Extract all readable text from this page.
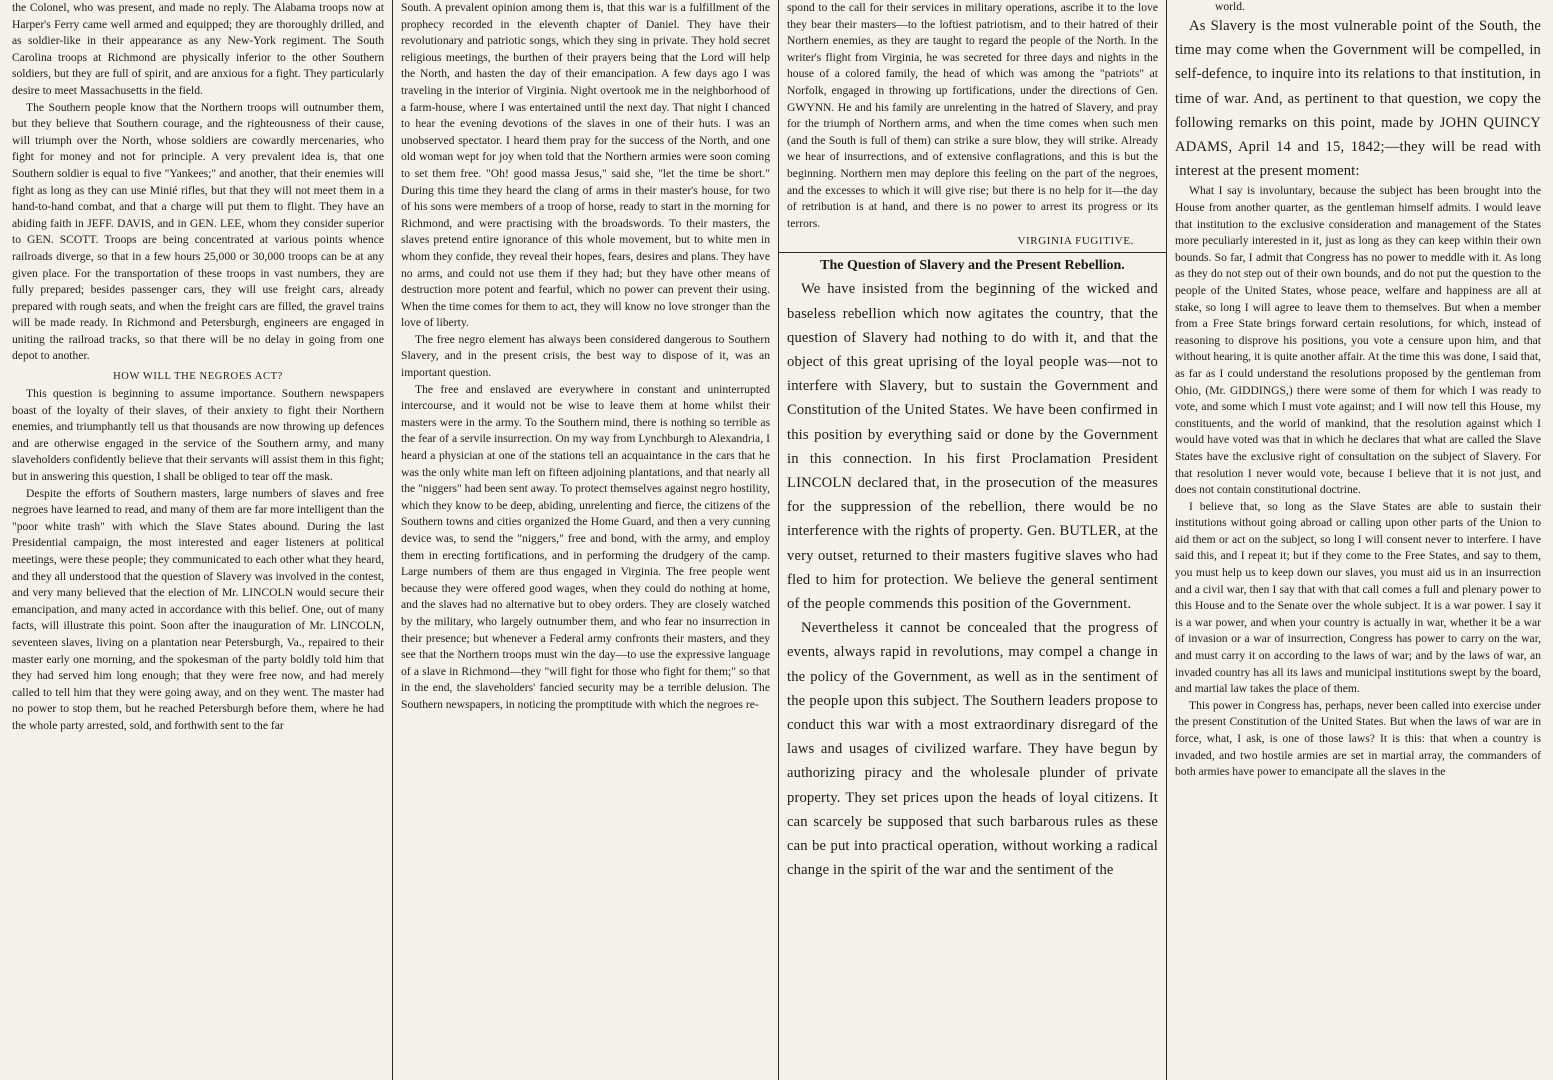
the Colonel, who was present, and made no reply. The Alabama troops now at Harper's Ferry came well armed and equipped; they are thoroughly drilled, and as soldier-like in their appearance as any New-York regiment. The South Carolina troops at Richmond are physically inferior to the other Southern soldiers, but they are full of spirit, and are anxious for a fight. They particularly desire to meet Massachusetts in the field.

The Southern people know that the Northern troops will outnumber them, but they believe that Southern courage, and the righteousness of their cause, will triumph over the North, whose soldiers are cowardly mercenaries, who fight for money and not for principle. A very prevalent idea is, that one Southern soldier is equal to five "Yankees;" and another, that their enemies will fight as long as they can use Minié rifles, but that they will not meet them in a hand-to-hand combat, and that a charge will put them to flight. They have an abiding faith in JEFF. DAVIS, and in GEN. LEE, whom they consider superior to GEN. SCOTT. Troops are being concentrated at various points whence railroads diverge, so that in a few hours 25,000 or 30,000 troops can be at any given place. For the transportation of these troops in vast numbers, they are fully prepared; besides passenger cars, they will use freight cars, already prepared with rough seats, and when the freight cars are filled, the gravel trains will be made ready. In Richmond and Petersburgh, engineers are engaged in uniting the railroad tracks, so that there will be no delay in going from one depot to another.

HOW WILL THE NEGROES ACT?

This question is beginning to assume importance. Southern newspapers boast of the loyalty of their slaves, of their anxiety to fight their Northern enemies, and triumphantly tell us that thousands are now throwing up defences and are otherwise engaged in the service of the Southern army, and many slaveholders confidently believe that their servants will assist them in this fight; but in answering this question, I shall be obliged to tear off the mask.

Despite the efforts of Southern masters, large numbers of slaves and free negroes have learned to read, and many of them are far more intelligent than the "poor white trash" with which the Slave States abound. During the last Presidential campaign, the most interested and eager listeners at political meetings, were these people; they communicated to each other what they heard, and they all understood that the question of Slavery was involved in the contest, and very many believed that the election of Mr. LINCOLN would secure their emancipation, and many acted in accordance with this belief. One, out of many facts, will illustrate this point. Soon after the inauguration of Mr. LINCOLN, seventeen slaves, living on a plantation near Petersburgh, Va., repaired to their master early one morning, and the spokesman of the party boldly told him that they had served him long enough; that they were free now, and had merely called to tell him that they were going away, and on they went. The master had no power to stop them, but he reached Petersburgh before them, where he had the whole party arrested, sold, and forthwith sent to the far

South. A prevalent opinion among them is, that this war is a fulfillment of the prophecy recorded in the eleventh chapter of Daniel. They have their revolutionary and patriotic songs, which they sing in private. They hold secret religious meetings, the burthen of their prayers being that the Lord will help the North, and hasten the day of their emancipation. A few days ago I was traveling in the interior of Virginia. Night overtook me in the neighborhood of a farm-house, where I was entertained until the next day. That night I chanced to hear the evening devotions of the slaves in one of their huts. I was an unobserved spectator. I heard them pray for the success of the North, and one old woman wept for joy when told that the Northern armies were soon coming to set them free. "Oh! good massa Jesus," said she, "let the time be short." During this time they heard the clang of arms in their master's house, for two of his sons were members of a troop of horse, ready to start in the morning for Richmond, and were practising with the broadswords. To their masters, the slaves pretend entire ignorance of this whole movement, but to white men in whom they confide, they reveal their hopes, fears, desires and plans. They have no arms, and could not use them if they had; but they have other means of destruction more potent and fearful, which no power can prevent their using. When the time comes for them to act, they will know no love stronger than the love of liberty.

The free negro element has always been considered dangerous to Southern Slavery, and in the present crisis, the best way to dispose of it, was an important question.

The free and enslaved are everywhere in constant and uninterrupted intercourse, and it would not be wise to leave them at home whilst their masters were in the army. To the Southern mind, there is nothing so terrible as the fear of a servile insurrection. On my way from Lynchburgh to Alexandria, I heard a physician at one of the stations tell an acquaintance in the cars that he was the only white man left on fifteen adjoining plantations, and that nearly all the "niggers" had been sent away. To protect themselves against negro hostility, which they know to be deep, abiding, unrelenting and fierce, the citizens of the Southern towns and cities organized the Home Guard, and then a very cunning device was, to send the "niggers," free and bond, with the army, and employ them in erecting fortifications, and in performing the drudgery of the camp. Large numbers of them are thus engaged in Virginia. The free people went because they were offered good wages, when they could do nothing at home, and the slaves had no alternative but to obey orders. They are closely watched by the military, who largely outnumber them, and who fear no insurrection in their presence; but whenever a Federal army confronts their masters, and they see that the Northern troops must win the day—to use the expressive language of a slave in Richmond—they "will fight for those who fight for them;" so that in the end, the slaveholders' fancied security may be a terrible delusion. The Southern newspapers, in noticing the promptitude with which the negroes re-

spond to the call for their services in military operations, ascribe it to the love they bear their masters—to the loftiest patriotism, and to their hatred of their Northern enemies, as they are taught to regard the people of the North. In the writer's flight from Virginia, he was secreted for three days and nights in the house of a colored family, the head of which was among the "patriots" at Norfolk, engaged in throwing up fortifications, under the directions of Gen. GWYNN. He and his family are unrelenting in the hatred of Slavery, and pray for the triumph of Northern arms, and when the time comes when such men (and the South is full of them) can strike a sure blow, they will strike. Already we hear of insurrections, and of extensive conflagrations, and this is but the beginning. Northern men may deplore this feeling on the part of the negroes, and the excesses to which it will give rise; but there is no help for it—the day of retribution is at hand, and there is no power to arrest its progress or its terrors.

VIRGINIA FUGITIVE.

The Question of Slavery and the Present Rebellion.

We have insisted from the beginning of the wicked and baseless rebellion which now agitates the country, that the question of Slavery had nothing to do with it, and that the object of this great uprising of the loyal people was—not to interfere with Slavery, but to sustain the Government and Constitution of the United States. We have been confirmed in this position by everything said or done by the Government in this connection. In his first Proclamation President LINCOLN declared that, in the prosecution of the measures for the suppression of the rebellion, there would be no interference with the rights of property. Gen. BUTLER, at the very outset, returned to their masters fugitive slaves who had fled to him for protection. We believe the general sentiment of the people commends this position of the Government.

Nevertheless it cannot be concealed that the progress of events, always rapid in revolutions, may compel a change in the policy of the Government, as well as in the sentiment of the people upon this subject. The Southern leaders propose to conduct this war with a most extraordinary disregard of the laws and usages of civilized warfare. They have begun by authorizing piracy and the wholesale plunder of private property. They set prices upon the heads of loyal citizens. It can scarcely be supposed that such barbarous rules as these can be put into practical operation, without working a radical change in the spirit of the war and the sentiment of the

world.

As Slavery is the most vulnerable point of the South, the time may come when the Government will be compelled, in self-defence, to inquire into its relations to that institution, in time of war. And, as pertinent to that question, we copy the following remarks on this point, made by JOHN QUINCY ADAMS, April 14 and 15, 1842;—they will be read with interest at the present moment:

What I say is involuntary, because the subject has been brought into the House from another quarter, as the gentleman himself admits. I would leave that institution to the exclusive consideration and management of the States more peculiarly interested in it, just as long as they can keep within their own bounds. So far, I admit that Congress has no power to meddle with it. As long as they do not step out of their own bounds, and do not put the question to the people of the United States, whose peace, welfare and happiness are all at stake, so long I will agree to leave them to themselves. But when a member from a Free State brings forward certain resolutions, for which, instead of reasoning to disprove his positions, you vote a censure upon him, and that without hearing, it is quite another affair. At the time this was done, I said that, as far as I could understand the resolutions proposed by the gentleman from Ohio, (Mr. GIDDINGS,) there were some of them for which I was ready to vote, and some which I must vote against; and I will now tell this House, my constituents, and the world of mankind, that the resolution against which I would have voted was that in which he declares that what are called the Slave States have the exclusive right of consultation on the subject of Slavery. For that resolution I never would vote, because I believe that it is not just, and does not contain constitutional doctrine.

I believe that, so long as the Slave States are able to sustain their institutions without going abroad or calling upon other parts of the Union to aid them or act on the subject, so long I will consent never to interfere. I have said this, and I repeat it; but if they come to the Free States, and say to them, you must help us to keep down our slaves, you must aid us in an insurrection and a civil war, then I say that with that call comes a full and plenary power to this House and to the Senate over the whole subject. It is a war power. I say it is a war power, and when your country is actually in war, whether it be a war of invasion or a war of insurrection, Congress has power to carry on the war, and must carry it on according to the laws of war; and by the laws of war, an invaded country has all its laws and municipal institutions swept by the board, and martial law takes the place of them.

This power in Congress has, perhaps, never been called into exercise under the present Constitution of the United States. But when the laws of war are in force, what, I ask, is one of those laws? It is this: that when a country is invaded, and two hostile armies are set in martial array, the commanders of both armies have power to emancipate all the slaves in the
